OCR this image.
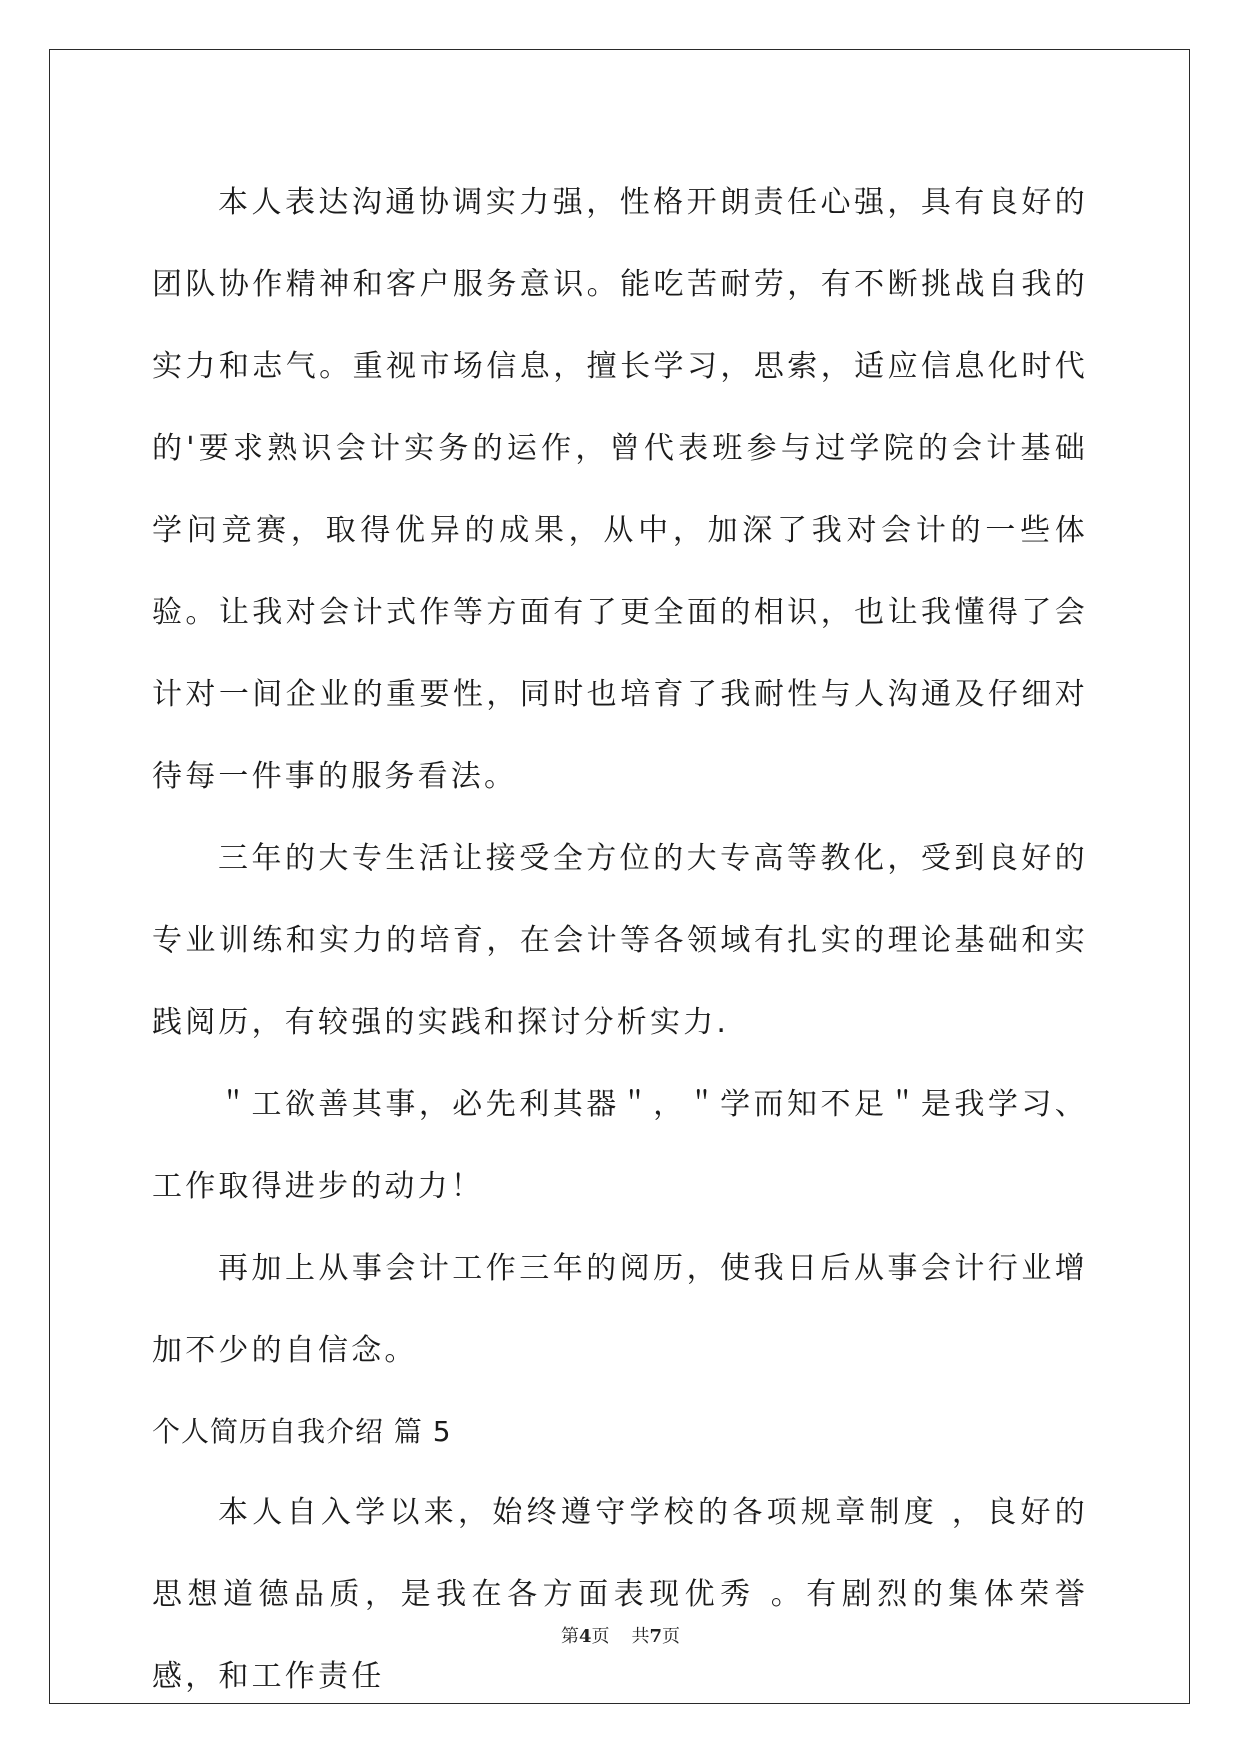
本人表达沟通协调实力强，性格开朗责任心强，具有良好的团队协作精神和客户服务意识。能吃苦耐劳，有不断挑战自我的实力和志气。重视市场信息，擅长学习，思索，适应信息化时代的'要求熟识会计实务的运作，曾代表班参与过学院的会计基础学问竞赛，取得优异的成果，从中，加深了我对会计的一些体验。让我对会计式作等方面有了更全面的相识，也让我懂得了会计对一间企业的重要性，同时也培育了我耐性与人沟通及仔细对待每一件事的服务看法。

三年的大专生活让接受全方位的大专高等教化，受到良好的专业训练和实力的培育，在会计等各领域有扎实的理论基础和实践阅历，有较强的实践和探讨分析实力.

＂工欲善其事，必先利其器＂，＂学而知不足＂是我学习、工作取得进步的动力！

再加上从事会计工作三年的阅历，使我日后从事会计行业增加不少的自信念。

个人简历自我介绍 篇 5

本人自入学以来，始终遵守学校的各项规章制度 ，良好的思想道德品质，是我在各方面表现优秀 。有剧烈的集体荣誉感，和工作责任

第4页 共7页
